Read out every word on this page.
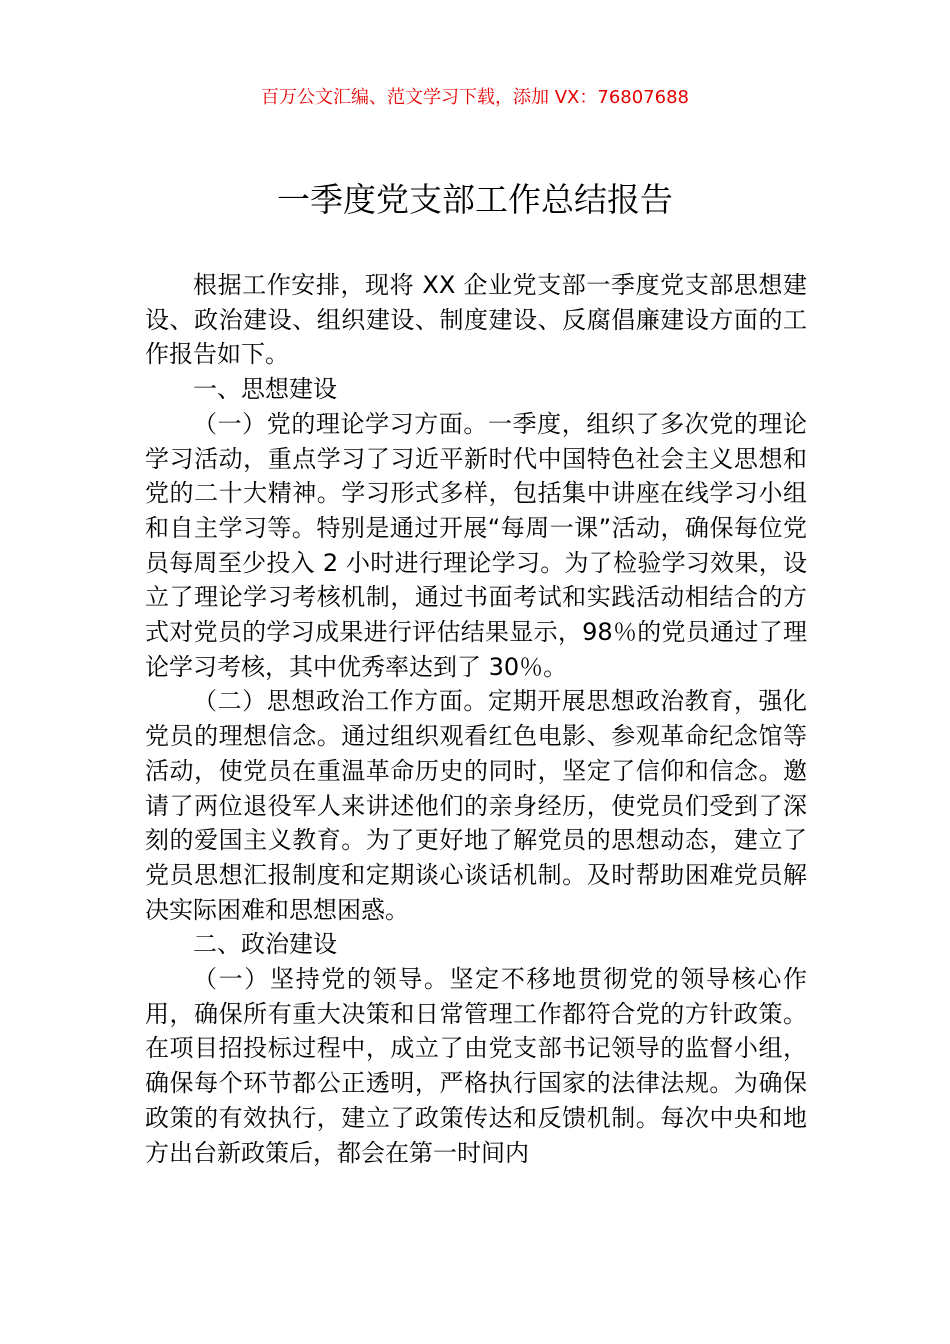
百万公文汇编、范文学习下载，添加 VX：76807688
一季度党支部工作总结报告

根据工作安排，现将 XX 企业党支部一季度党支部思想建设、政治建设、组织建设、制度建设、反腐倡廉建设方面的工作报告如下。

一、思想建设

（一）党的理论学习方面。一季度，组织了多次党的理论学习活动，重点学习了习近平新时代中国特色社会主义思想和党的二十大精神。学习形式多样，包括集中讲座在线学习小组和自主学习等。特别是通过开展“每周一课”活动，确保每位党员每周至少投入 2 小时进行理论学习。为了检验学习效果，设立了理论学习考核机制，通过书面考试和实践活动相结合的方式对党员的学习成果进行评估结果显示，98％的党员通过了理论学习考核，其中优秀率达到了 30％。

（二）思想政治工作方面。定期开展思想政治教育，强化党员的理想信念。通过组织观看红色电影、参观革命纪念馆等活动，使党员在重温革命历史的同时，坚定了信仰和信念。邀请了两位退役军人来讲述他们的亲身经历，使党员们受到了深刻的爱国主义教育。为了更好地了解党员的思想动态，建立了党员思想汇报制度和定期谈心谈话机制。及时帮助困难党员解决实际困难和思想困惑。

二、政治建设

（一）坚持党的领导。坚定不移地贯彻党的领导核心作用，确保所有重大决策和日常管理工作都符合党的方针政策。在项目招投标过程中，成立了由党支部书记领导的监督小组，确保每个环节都公正透明，严格执行国家的法律法规。为确保政策的有效执行，建立了政策传达和反馈机制。每次中央和地方出台新政策后，都会在第一时间内
